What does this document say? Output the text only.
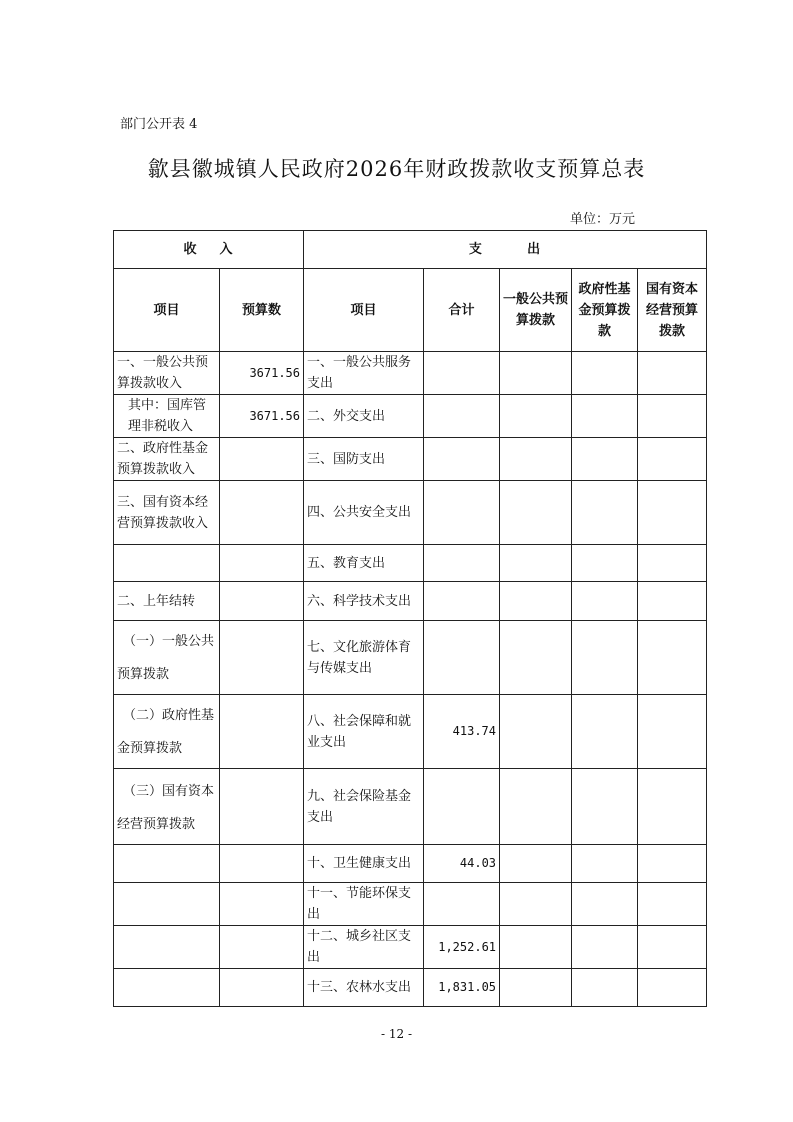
部门公开表 4
歙县徽城镇人民政府2026年财政拨款收支预算总表
单位：万元
收    入		支        出				
项目	预算数	项目	合计	一般公共预算拨款	政府性基金预算拨款	国有资本经营预算拨款
一、一般公共预算拨款收入	3671.56	一、一般公共服务支出				
其中：国库管理非税收入	3671.56	二、外交支出				
二、政府性基金预算拨款收入		三、国防支出				
三、国有资本经营预算拨款收入		四、公共安全支出				
		五、教育支出				
二、上年结转		六、科学技术支出				

（一）一般公共
预算拨款		七、文化旅游体育与传媒支出				

（二）政府性基
金预算拨款		八、社会保障和就业支出	413.74			

（三）国有资本
经营预算拨款		九、社会保险基金支出				
		十、卫生健康支出	44.03			
		十一、节能环保支出				
		十二、城乡社区支出	1,252.61			
		十三、农林水支出	1,831.05			
- 12 -
